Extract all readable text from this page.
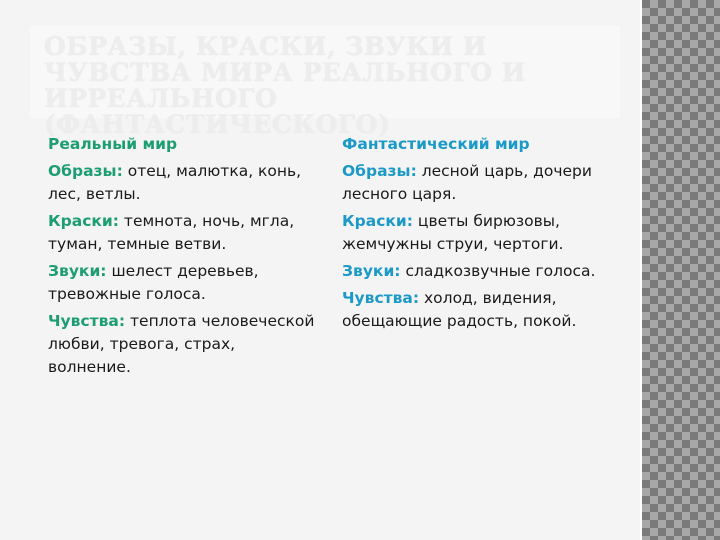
ОБРАЗЫ, КРАСКИ, ЗВУКИ И ЧУВСТВА МИРА РЕАЛЬНОГО И ИРРЕАЛЬНОГО (ФАНТАСТИЧЕСКОГО)
Реальный мир

Образы: отец, малютка, конь, лес, ветлы.

Краски: темнота, ночь, мгла, туман, темные ветви.

Звуки: шелест деревьев, тревожные голоса.

Чувства: теплота человеческой любви, тревога, страх, волнение.

Фантастический мир

Образы: лесной царь, дочери лесного царя.

Краски: цветы бирюзовы, жемчужны струи, чертоги.

Звуки: сладкозвучные голоса.

Чувства: холод, видения, обещающие радость, покой.
